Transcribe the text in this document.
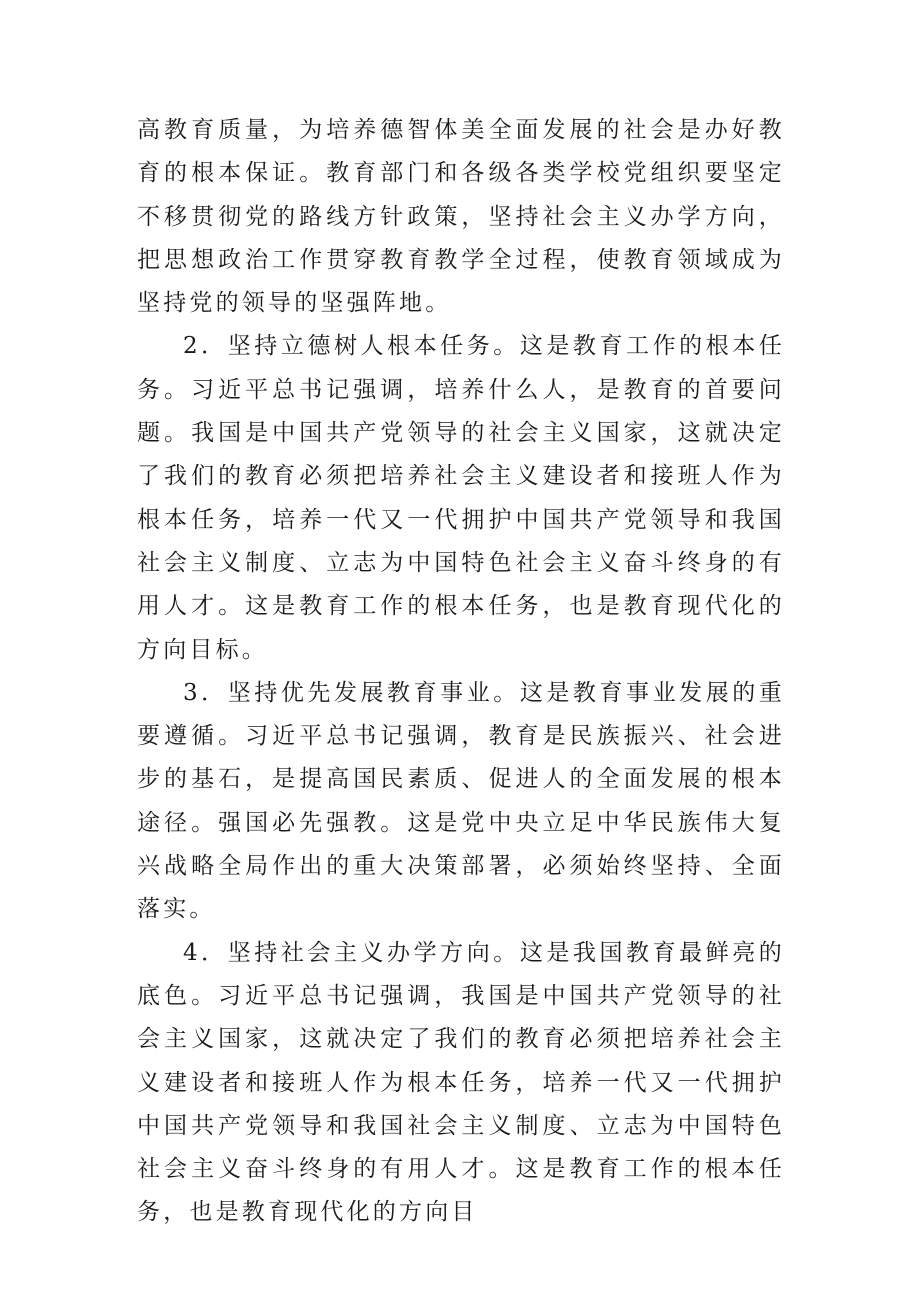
高教育质量，为培养德智体美全面发展的社会是办好教育的根本保证。教育部门和各级各类学校党组织要坚定不移贯彻党的路线方针政策，坚持社会主义办学方向，把思想政治工作贯穿教育教学全过程，使教育领域成为坚持党的领导的坚强阵地。

2．坚持立德树人根本任务。这是教育工作的根本任务。习近平总书记强调，培养什么人，是教育的首要问题。我国是中国共产党领导的社会主义国家，这就决定了我们的教育必须把培养社会主义建设者和接班人作为根本任务，培养一代又一代拥护中国共产党领导和我国社会主义制度、立志为中国特色社会主义奋斗终身的有用人才。这是教育工作的根本任务，也是教育现代化的方向目标。

3．坚持优先发展教育事业。这是教育事业发展的重要遵循。习近平总书记强调，教育是民族振兴、社会进步的基石，是提高国民素质、促进人的全面发展的根本途径。强国必先强教。这是党中央立足中华民族伟大复兴战略全局作出的重大决策部署，必须始终坚持、全面落实。

4．坚持社会主义办学方向。这是我国教育最鲜亮的底色。习近平总书记强调，我国是中国共产党领导的社会主义国家，这就决定了我们的教育必须把培养社会主义建设者和接班人作为根本任务，培养一代又一代拥护中国共产党领导和我国社会主义制度、立志为中国特色社会主义奋斗终身的有用人才。这是教育工作的根本任务，也是教育现代化的方向目
